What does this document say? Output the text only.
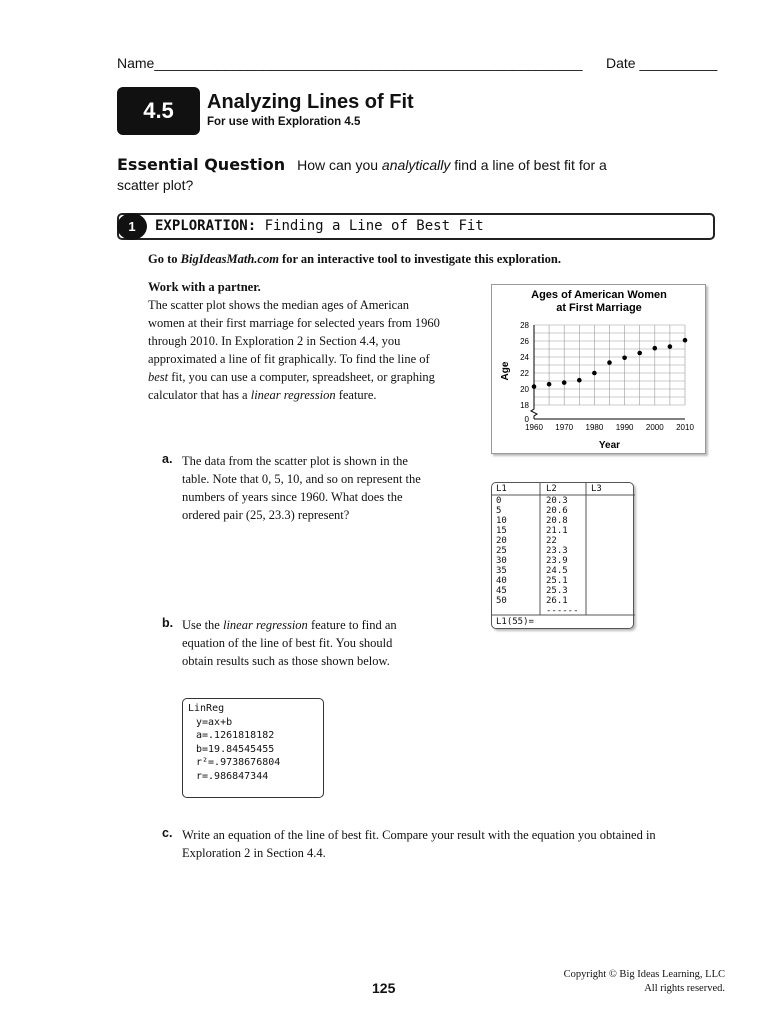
Name_______________________________________________________ Date __________
4.5	Analyzing Lines of Fit
For use with Exploration 4.5
Essential Question How can you analytically find a line of best fit for a scatter plot?
1	EXPLORATION: Finding a Line of Best Fit
Go to BigIdeasMath.com for an interactive tool to investigate this exploration.
Work with a partner.
The scatter plot shows the median ages of American women at their first marriage for selected years from 1960 through 2010. In Exploration 2 in Section 4.4, you approximated a line of fit graphically. To find the line of best fit, you can use a computer, spreadsheet, or graphing calculator that has a linear regression feature.
Ages of American Women
at First Marriage
0
18
20
22
24
26
28
1960 1970 1980 1990 2000 2010
Year
Age
L1
0
5
10
15
20
25
30
35
40
45
50
L2
20.3
20.6
20.8
21.1
22
23.3
23.9
24.5
25.1
25.3
26.1
------
L3
L1(55)=
a. The data from the scatter plot is shown in the table. Note that 0, 5, 10, and so on represent the numbers of years since 1960. What does the ordered pair (25, 23.3) represent?
b. Use the linear regression feature to find an equation of the line of best fit. You should obtain results such as those shown below.
LinReg
y=ax+b
a=.1261818182
b=19.84545455
r²=.9738676804
r=.986847344
c. Write an equation of the line of best fit. Compare your result with the equation you obtained in Exploration 2 in Section 4.4.
125
Copyright © Big Ideas Learning, LLC
All rights reserved.
